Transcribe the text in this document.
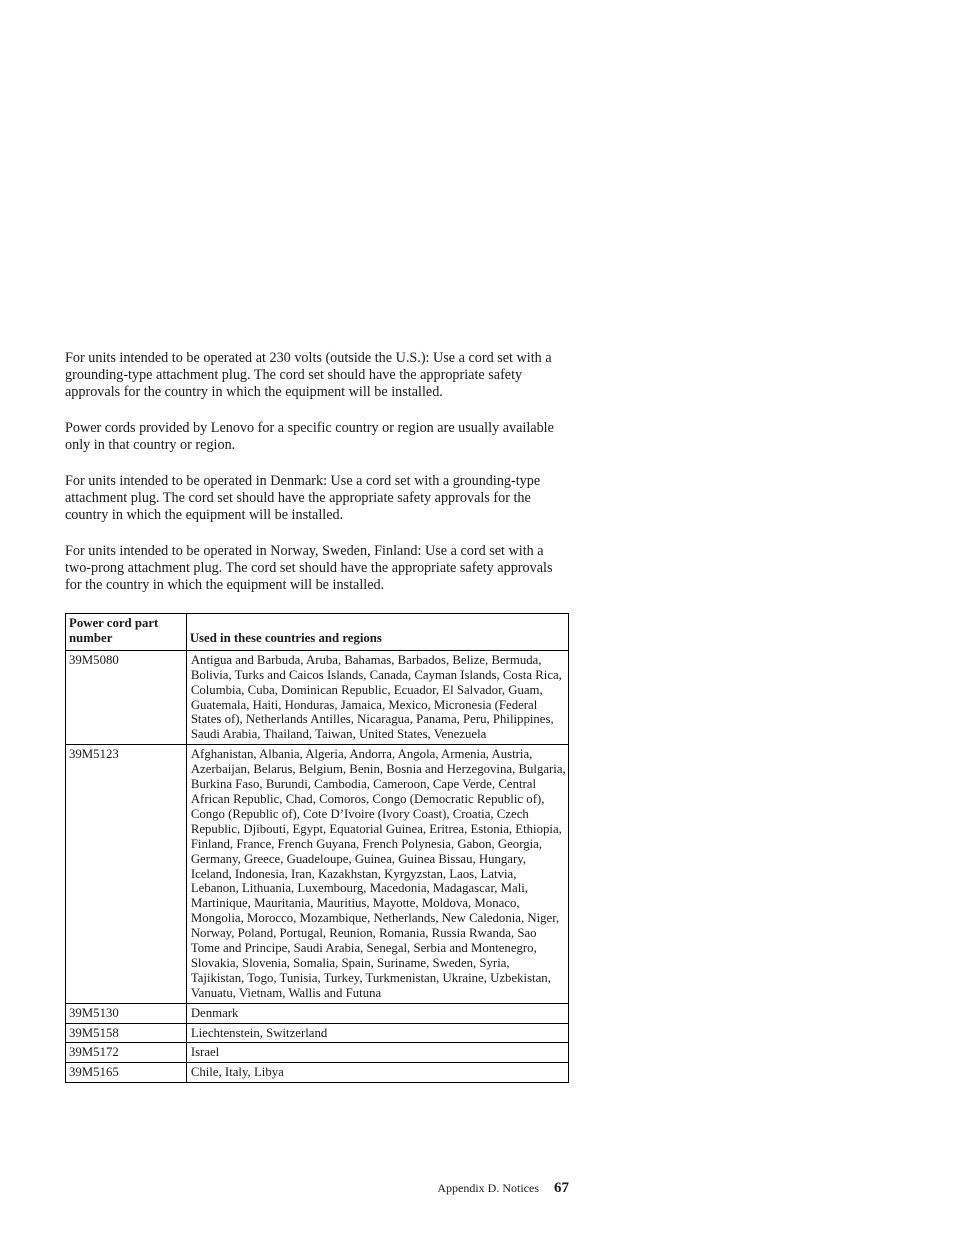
For units intended to be operated at 230 volts (outside the U.S.): Use a cord set with a grounding-type attachment plug. The cord set should have the appropriate safety approvals for the country in which the equipment will be installed.

Power cords provided by Lenovo for a specific country or region are usually available only in that country or region.

For units intended to be operated in Denmark: Use a cord set with a grounding-type attachment plug. The cord set should have the appropriate safety approvals for the country in which the equipment will be installed.

For units intended to be operated in Norway, Sweden, Finland: Use a cord set with a two-prong attachment plug. The cord set should have the appropriate safety approvals for the country in which the equipment will be installed.

Power cord part number	Used in these countries and regions
39M5080	Antigua and Barbuda, Aruba, Bahamas, Barbados, Belize, Bermuda, Bolivia, Turks and Caicos Islands, Canada, Cayman Islands, Costa Rica, Columbia, Cuba, Dominican Republic, Ecuador, El Salvador, Guam, Guatemala, Haiti, Honduras, Jamaica, Mexico, Micronesia (Federal States of), Netherlands Antilles, Nicaragua, Panama, Peru, Philippines, Saudi Arabia, Thailand, Taiwan, United States, Venezuela
39M5123	Afghanistan, Albania, Algeria, Andorra, Angola, Armenia, Austria, Azerbaijan, Belarus, Belgium, Benin, Bosnia and Herzegovina, Bulgaria, Burkina Faso, Burundi, Cambodia, Cameroon, Cape Verde, Central African Republic, Chad, Comoros, Congo (Democratic Republic of), Congo (Republic of), Cote D’Ivoire (Ivory Coast), Croatia, Czech Republic, Djibouti, Egypt, Equatorial Guinea, Eritrea, Estonia, Ethiopia, Finland, France, French Guyana, French Polynesia, Gabon, Georgia, Germany, Greece, Guadeloupe, Guinea, Guinea Bissau, Hungary, Iceland, Indonesia, Iran, Kazakhstan, Kyrgyzstan, Laos, Latvia, Lebanon, Lithuania, Luxembourg, Macedonia, Madagascar, Mali, Martinique, Mauritania, Mauritius, Mayotte, Moldova, Monaco, Mongolia, Morocco, Mozambique, Netherlands, New Caledonia, Niger, Norway, Poland, Portugal, Reunion, Romania, Russia Rwanda, Sao Tome and Principe, Saudi Arabia, Senegal, Serbia and Montenegro, Slovakia, Slovenia, Somalia, Spain, Suriname, Sweden, Syria, Tajikistan, Togo, Tunisia, Turkey, Turkmenistan, Ukraine, Uzbekistan, Vanuatu, Vietnam, Wallis and Futuna
39M5130	Denmark
39M5158	Liechtenstein, Switzerland
39M5172	Israel
39M5165	Chile, Italy, Libya
Appendix D. Notices 67
